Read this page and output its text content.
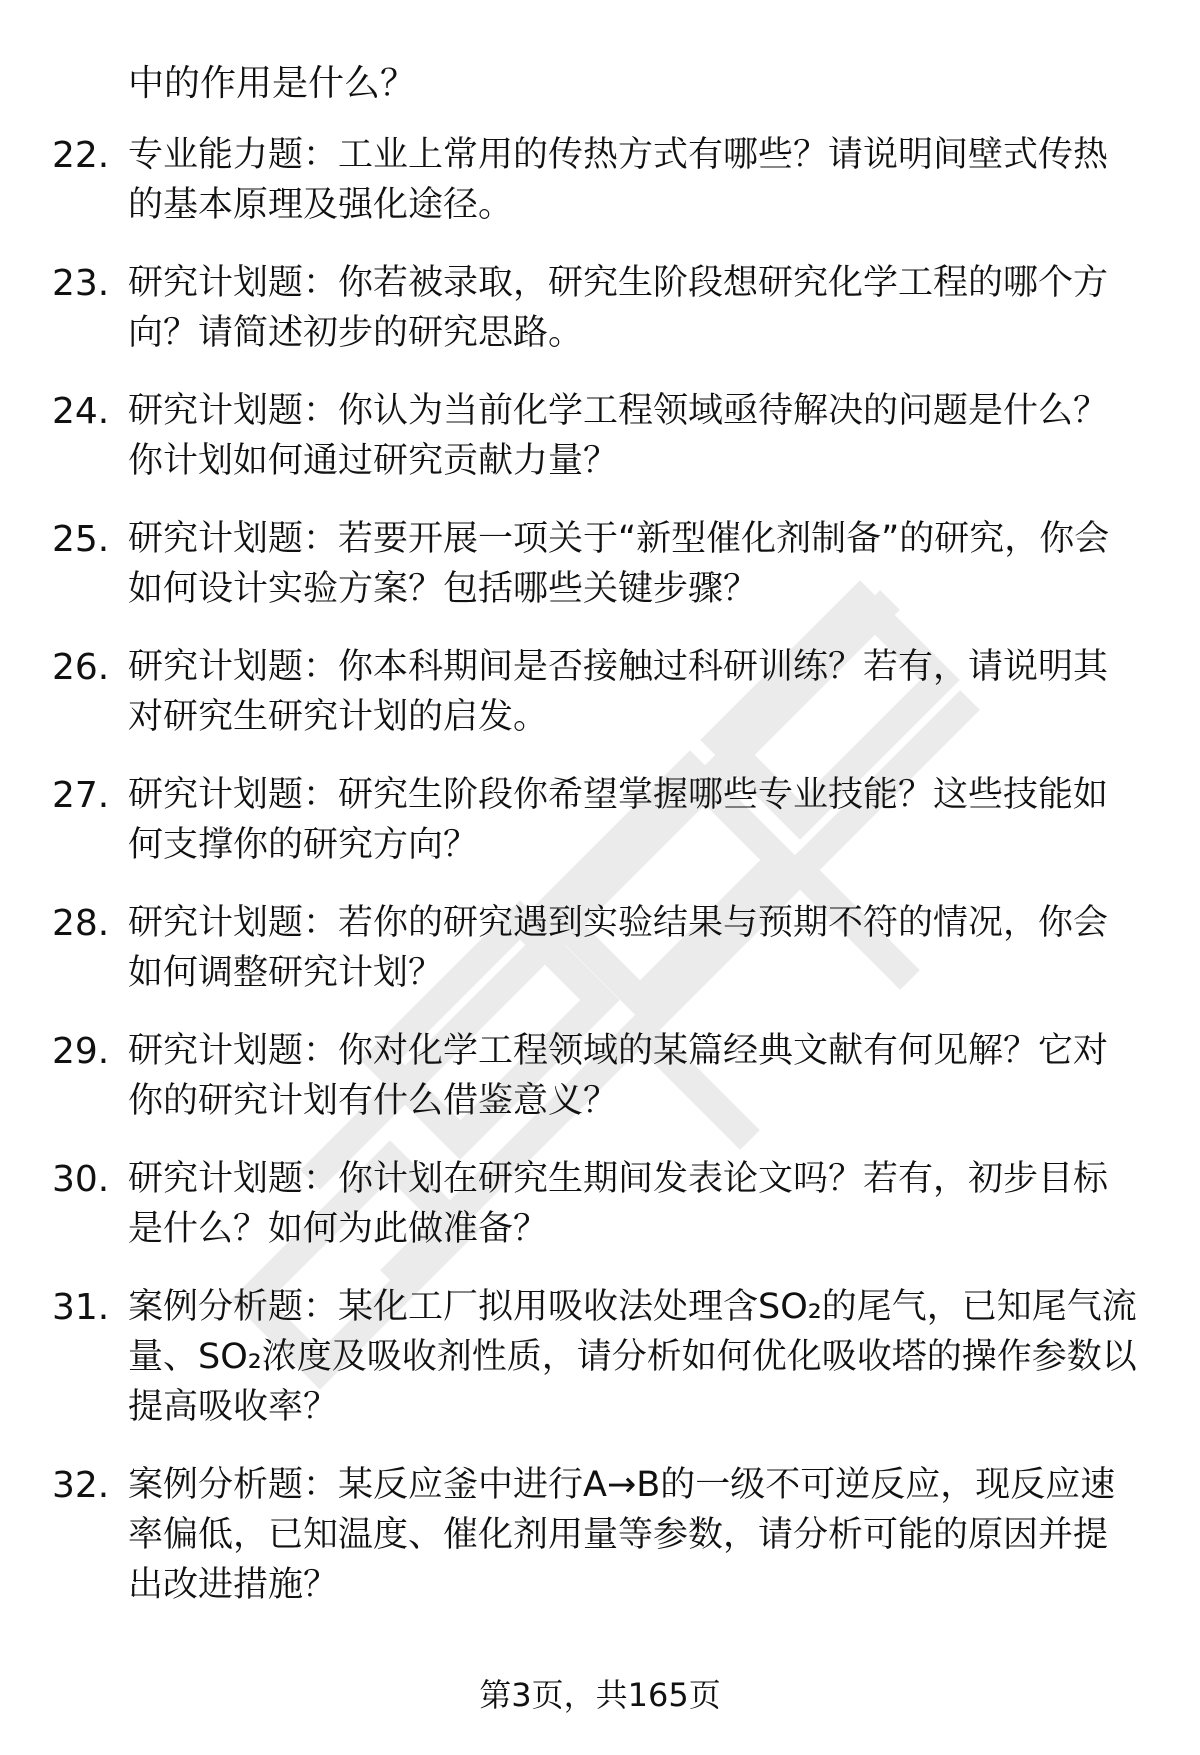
中的作用是什么？
22. 专业能力题：工业上常用的传热方式有哪些？请说明间壁式传热的基本原理及强化途径。
23. 研究计划题：你若被录取，研究生阶段想研究化学工程的哪个方向？请简述初步的研究思路。
24. 研究计划题：你认为当前化学工程领域亟待解决的问题是什么？你计划如何通过研究贡献力量？
25. 研究计划题：若要开展一项关于“新型催化剂制备”的研究，你会如何设计实验方案？包括哪些关键步骤？
26. 研究计划题：你本科期间是否接触过科研训练？若有，请说明其对研究生研究计划的启发。
27. 研究计划题：研究生阶段你希望掌握哪些专业技能？这些技能如何支撑你的研究方向？
28. 研究计划题：若你的研究遇到实验结果与预期不符的情况，你会如何调整研究计划？
29. 研究计划题：你对化学工程领域的某篇经典文献有何见解？它对你的研究计划有什么借鉴意义？
30. 研究计划题：你计划在研究生期间发表论文吗？若有，初步目标是什么？如何为此做准备？
31. 案例分析题：某化工厂拟用吸收法处理含SO₂的尾气，已知尾气流量、SO₂浓度及吸收剂性质，请分析如何优化吸收塔的操作参数以提高吸收率？
32. 案例分析题：某反应釜中进行A→B的一级不可逆反应，现反应速率偏低，已知温度、催化剂用量等参数，请分析可能的原因并提出改进措施？
第3页，共165页
